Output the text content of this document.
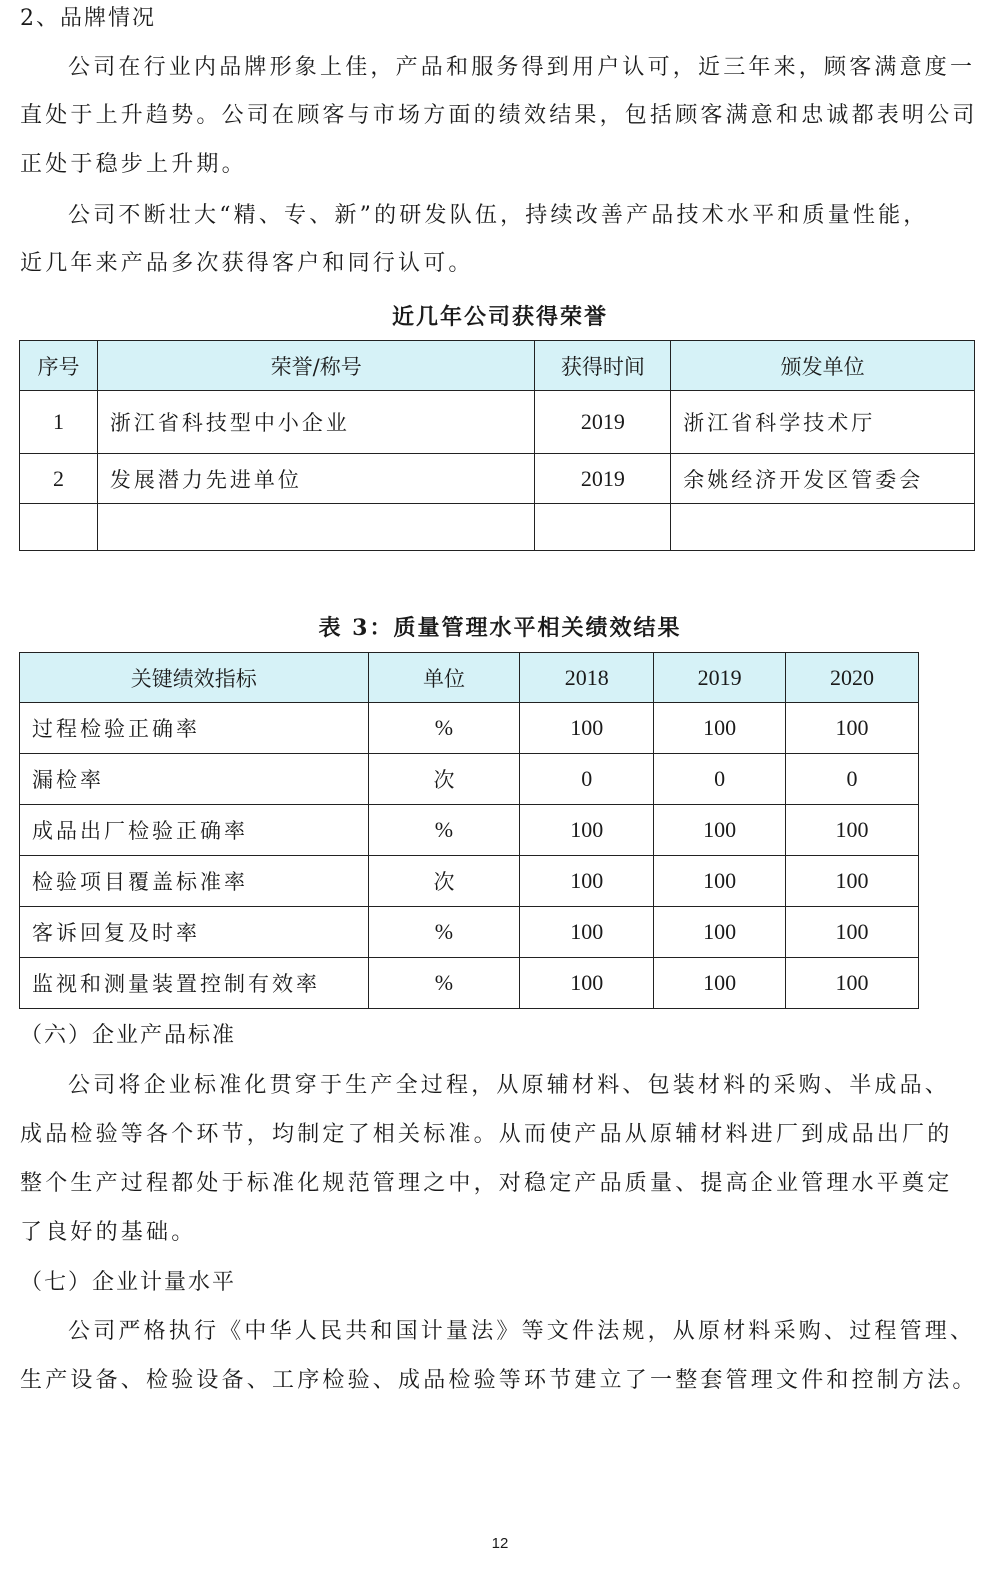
2、品牌情况
公司在行业内品牌形象上佳，产品和服务得到用户认可，近三年来，顾客满意度一
直处于上升趋势。公司在顾客与市场方面的绩效结果，包括顾客满意和忠诚都表明公司
正处于稳步上升期。
公司不断壮大“精、专、新”的研发队伍，持续改善产品技术水平和质量性能，
近几年来产品多次获得客户和同行认可。
近几年公司获得荣誉
序号	荣誉/称号	获得时间	颁发单位
1	浙江省科技型中小企业	2019	浙江省科学技术厅
2	发展潜力先进单位	2019	余姚经济开发区管委会

表 3：质量管理水平相关绩效结果
关键绩效指标	单位	2018	2019	2020
过程检验正确率	%	100	100	100
漏检率	次	0	0	0
成品出厂检验正确率	%	100	100	100
检验项目覆盖标准率	次	100	100	100
客诉回复及时率	%	100	100	100
监视和测量装置控制有效率	%	100	100	100
（六）企业产品标准
公司将企业标准化贯穿于生产全过程，从原辅材料、包装材料的采购、半成品、
成品检验等各个环节，均制定了相关标准。从而使产品从原辅材料进厂到成品出厂的
整个生产过程都处于标准化规范管理之中，对稳定产品质量、提高企业管理水平奠定
了良好的基础。
（七）企业计量水平
公司严格执行《中华人民共和国计量法》等文件法规，从原材料采购、过程管理、
生产设备、检验设备、工序检验、成品检验等环节建立了一整套管理文件和控制方法。
12
